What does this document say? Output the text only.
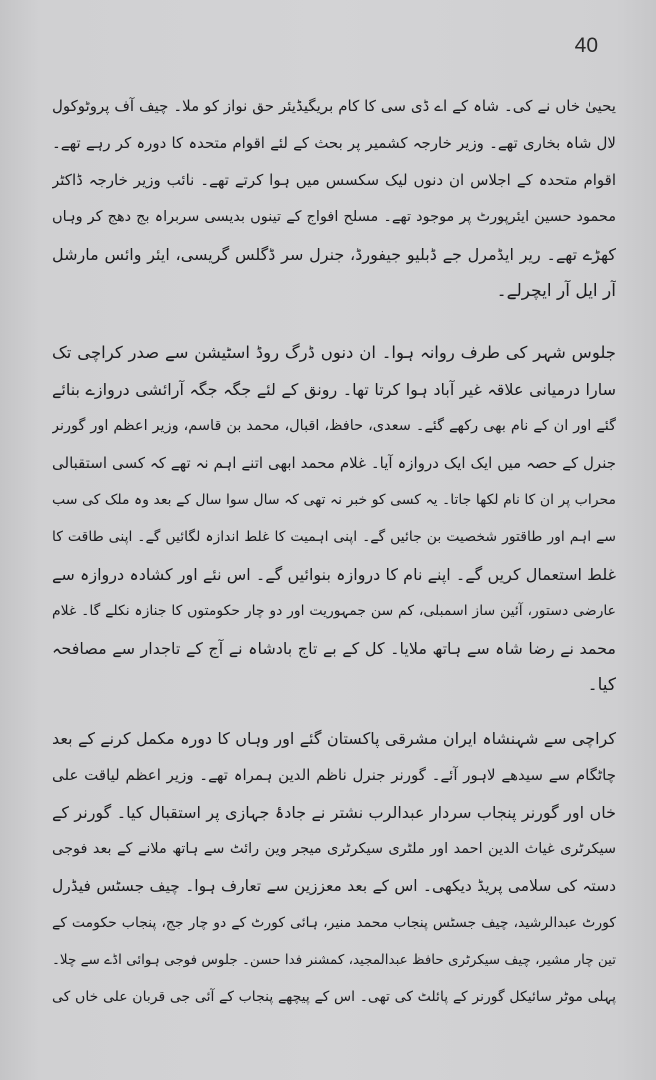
40
یحییٰ خاں نے کی۔ شاہ کے اے ڈی سی کا کام بریگیڈیئر حق نواز کو ملا۔ چیف آف پروٹوکول
لال شاہ بخاری تھے۔ وزیر خارجہ کشمیر پر بحث کے لئے اقوام متحدہ کا دورہ کر رہے تھے۔
اقوام متحدہ کے اجلاس ان دنوں لیک سکسس میں ہوا کرتے تھے۔ نائب وزیر خارجہ ڈاکٹر
محمود حسین ایئرپورٹ پر موجود تھے۔ مسلح افواج کے تینوں بدیسی سربراہ بج دھج کر وہاں
کھڑے تھے۔ ریر ایڈمرل جے ڈبلیو جیفورڈ، جنرل سر ڈگلس گریسی، ایئر وائس مارشل
آر ایل آر ایچرلے۔
جلوس شہر کی طرف روانہ ہوا۔ ان دنوں ڈرگ روڈ اسٹیشن سے صدر کراچی تک
سارا درمیانی علاقہ غیر آباد ہوا کرتا تھا۔ رونق کے لئے جگہ جگہ آرائشی دروازے بنائے
گئے اور ان کے نام بھی رکھے گئے۔ سعدی، حافظ، اقبال، محمد بن قاسم، وزیر اعظم اور گورنر
جنرل کے حصہ میں ایک ایک دروازہ آیا۔ غلام محمد ابھی اتنے اہم نہ تھے کہ کسی استقبالی
محراب پر ان کا نام لکھا جاتا۔ یہ کسی کو خبر نہ تھی کہ سال سوا سال کے بعد وہ ملک کی سب
سے اہم اور طاقتور شخصیت بن جائیں گے۔ اپنی اہمیت کا غلط اندازہ لگائیں گے۔ اپنی طاقت کا
غلط استعمال کریں گے۔ اپنے نام کا دروازہ بنوائیں گے۔ اس نئے اور کشادہ دروازہ سے
عارضی دستور، آئین ساز اسمبلی، کم سن جمہوریت اور دو چار حکومتوں کا جنازہ نکلے گا۔ غلام
محمد نے رضا شاہ سے ہاتھ ملایا۔ کل کے بے تاج بادشاہ نے آج کے تاجدار سے مصافحہ
کیا۔
کراچی سے شہنشاہ ایران مشرقی پاکستان گئے اور وہاں کا دورہ مکمل کرنے کے بعد
چاٹگام سے سیدھے لاہور آئے۔ گورنر جنرل ناظم الدین ہمراہ تھے۔ وزیر اعظم لیاقت علی
خاں اور گورنر پنجاب سردار عبدالرب نشتر نے جادۂ جہازی پر استقبال کیا۔ گورنر کے
سیکرٹری غیاث الدین احمد اور ملٹری سیکرٹری میجر وین رائٹ سے ہاتھ ملانے کے بعد فوجی
دستہ کی سلامی پریڈ دیکھی۔ اس کے بعد معززین سے تعارف ہوا۔ چیف جسٹس فیڈرل
کورٹ عبدالرشید، چیف جسٹس پنجاب محمد منیر، ہائی کورٹ کے دو چار جج، پنجاب حکومت کے
تین چار مشیر، چیف سیکرٹری حافظ عبدالمجید، کمشنر فدا حسن۔ جلوس فوجی ہوائی اڈے سے چلا۔
پہلی موٹر سائیکل گورنر کے پائلٹ کی تھی۔ اس کے پیچھے پنجاب کے آئی جی قربان علی خاں کی
